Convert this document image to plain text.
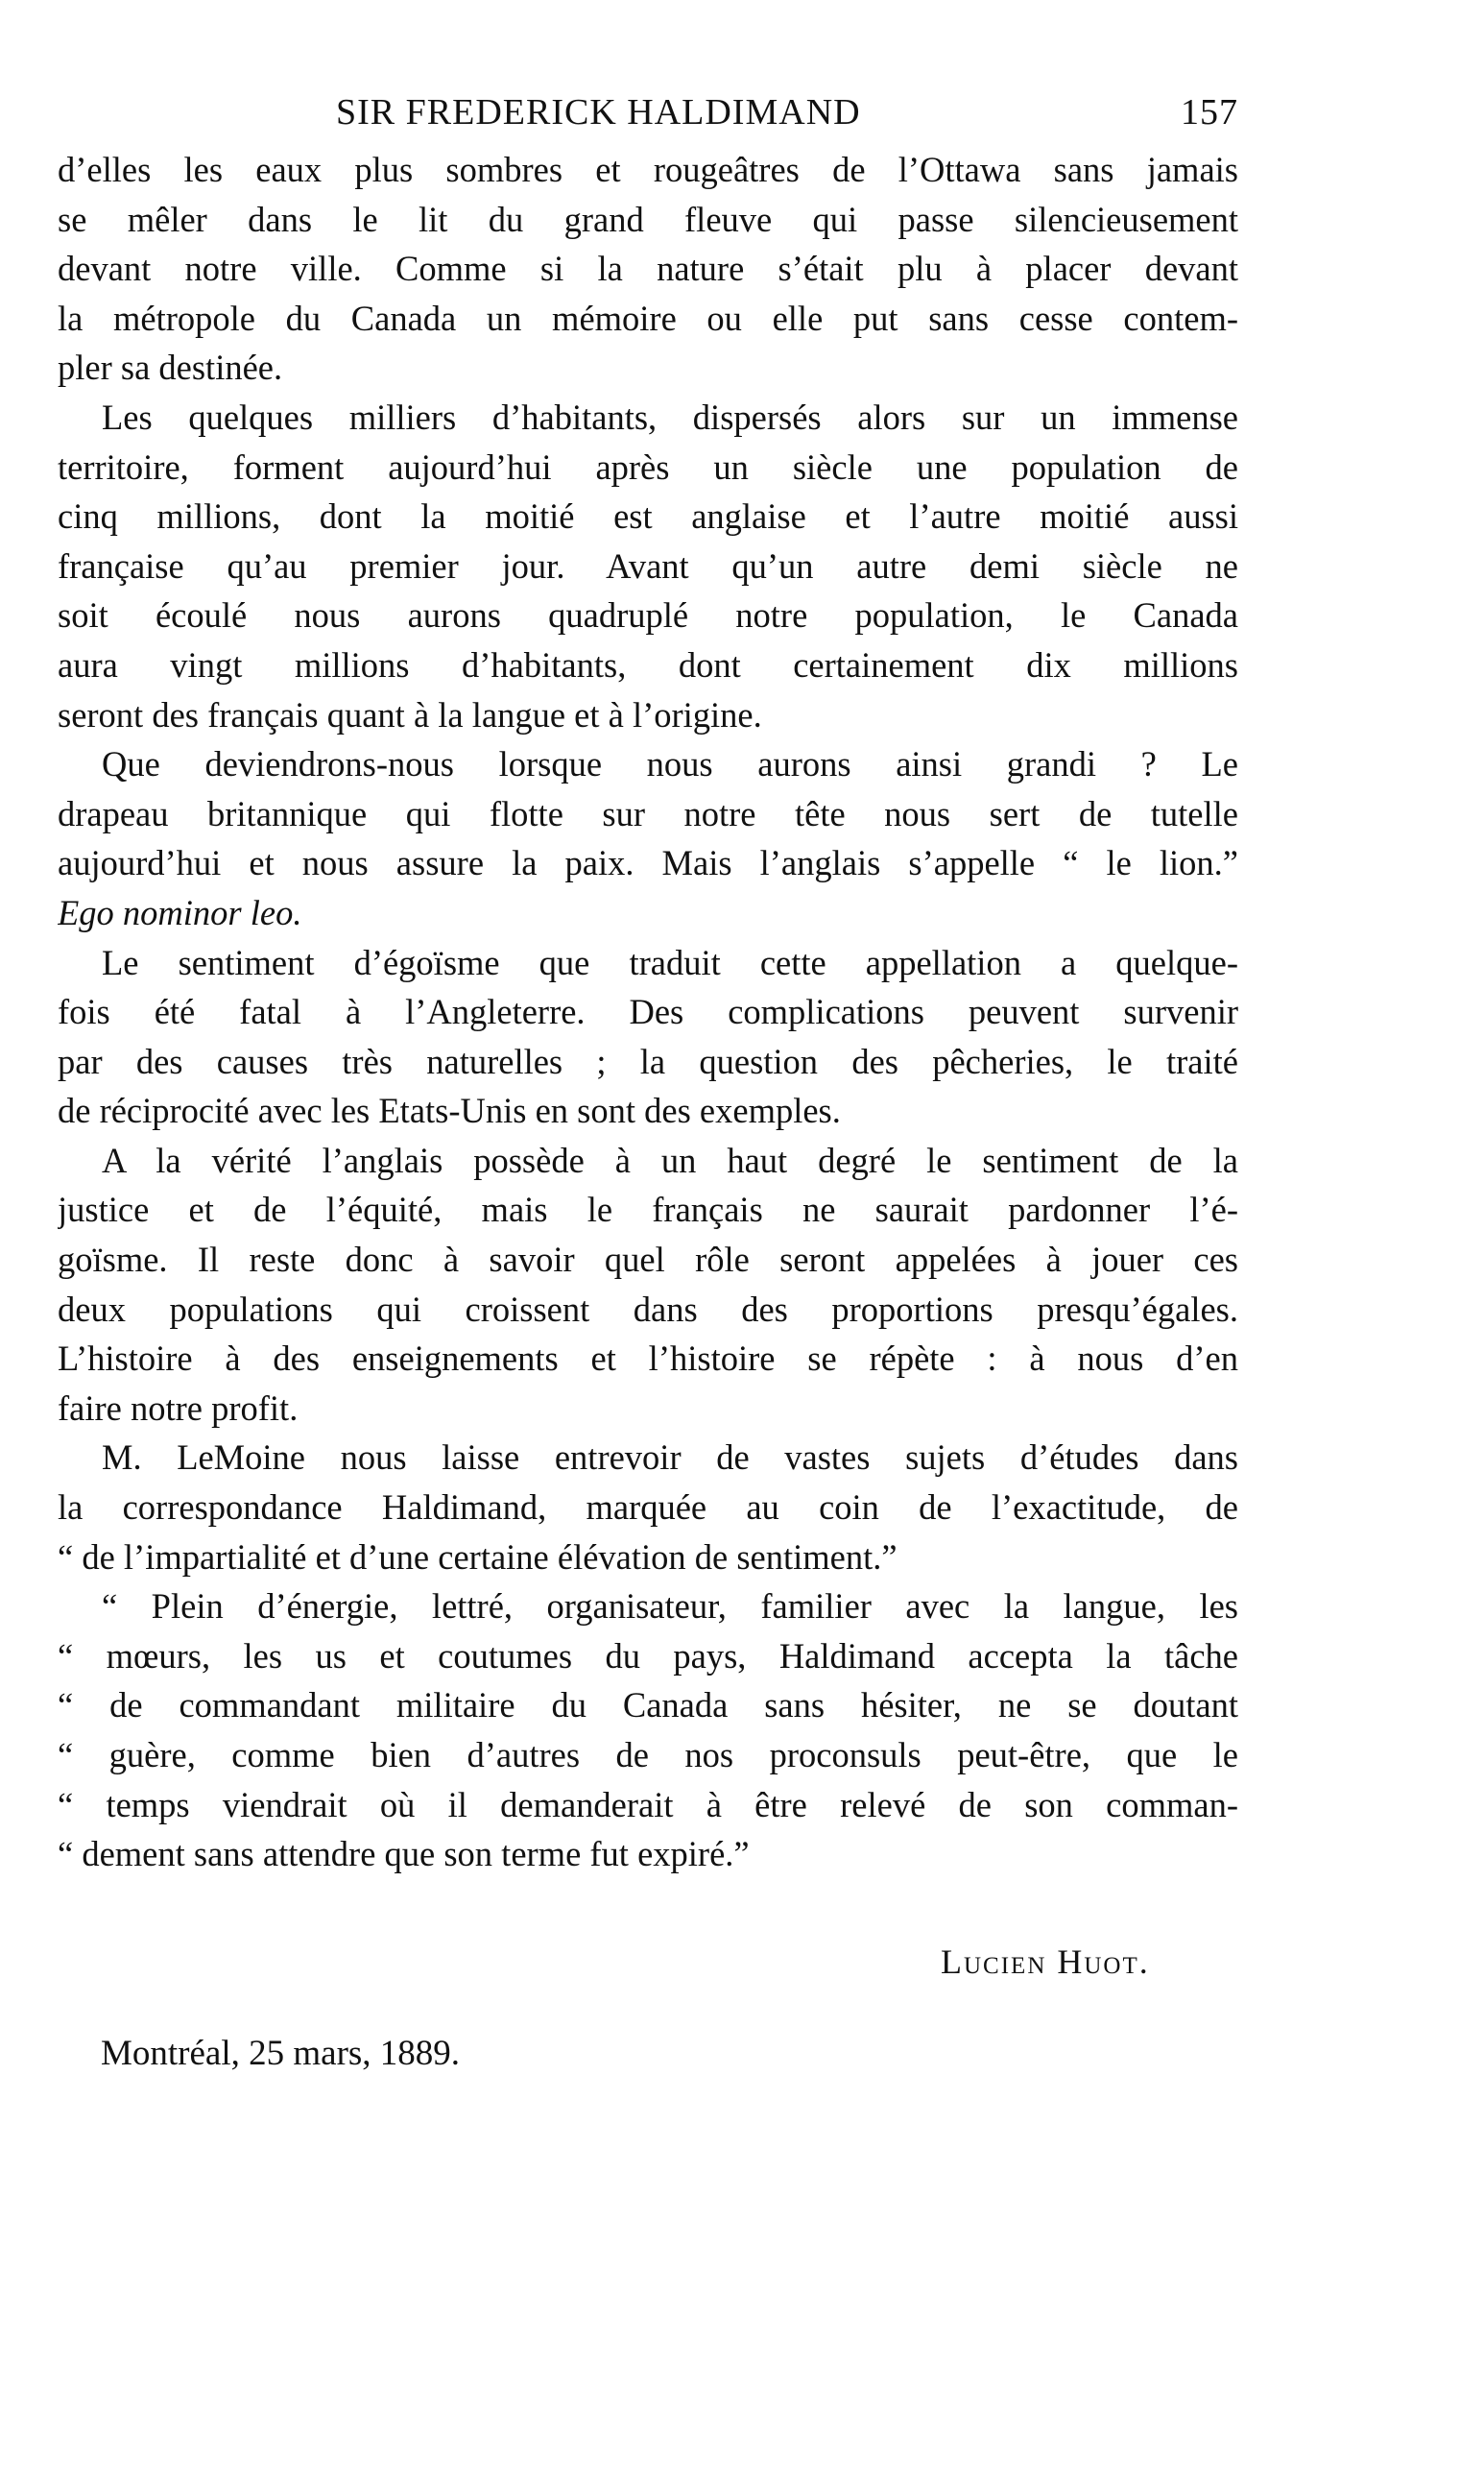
SIR FREDERICK HALDIMAND	157
d’elles les eaux plus sombres et rougeâtres de l’Ottawa sans jamais
se mêler dans le lit du grand fleuve qui passe silencieusement
devant notre ville. Comme si la nature s’était plu à placer devant
la métropole du Canada un mémoire ou elle put sans cesse contem-
pler sa destinée.
Les quelques milliers d’habitants, dispersés alors sur un immense
territoire, forment aujourd’hui après un siècle une population de
cinq millions, dont la moitié est anglaise et l’autre moitié aussi
française qu’au premier jour. Avant qu’un autre demi siècle ne
soit écoulé nous aurons quadruplé notre population, le Canada
aura vingt millions d’habitants, dont certainement dix millions
seront des français quant à la langue et à l’origine.
Que deviendrons-nous lorsque nous aurons ainsi grandi ? Le
drapeau britannique qui flotte sur notre tête nous sert de tutelle
aujourd’hui et nous assure la paix. Mais l’anglais s’appelle “ le lion.”
Ego nominor leo.
Le sentiment d’égoïsme que traduit cette appellation a quelque-
fois été fatal à l’Angleterre. Des complications peuvent survenir
par des causes très naturelles ; la question des pêcheries, le traité
de réciprocité avec les Etats-Unis en sont des exemples.
A la vérité l’anglais possède à un haut degré le sentiment de la
justice et de l’équité, mais le français ne saurait pardonner l’é-
goïsme. Il reste donc à savoir quel rôle seront appelées à jouer ces
deux populations qui croissent dans des proportions presqu’égales.
L’histoire à des enseignements et l’histoire se répète : à nous d’en
faire notre profit.
M. LeMoine nous laisse entrevoir de vastes sujets d’études dans
la correspondance Haldimand, marquée au coin de l’exactitude, de
“ de l’impartialité et d’une certaine élévation de sentiment.”
“ Plein d’énergie, lettré, organisateur, familier avec la langue, les
“ mœurs, les us et coutumes du pays, Haldimand accepta la tâche
“ de commandant militaire du Canada sans hésiter, ne se doutant
“ guère, comme bien d’autres de nos proconsuls peut-être, que le
“ temps viendrait où il demanderait à être relevé de son comman-
“ dement sans attendre que son terme fut expiré.”
Lucien Huot.
Montréal, 25 mars, 1889.
